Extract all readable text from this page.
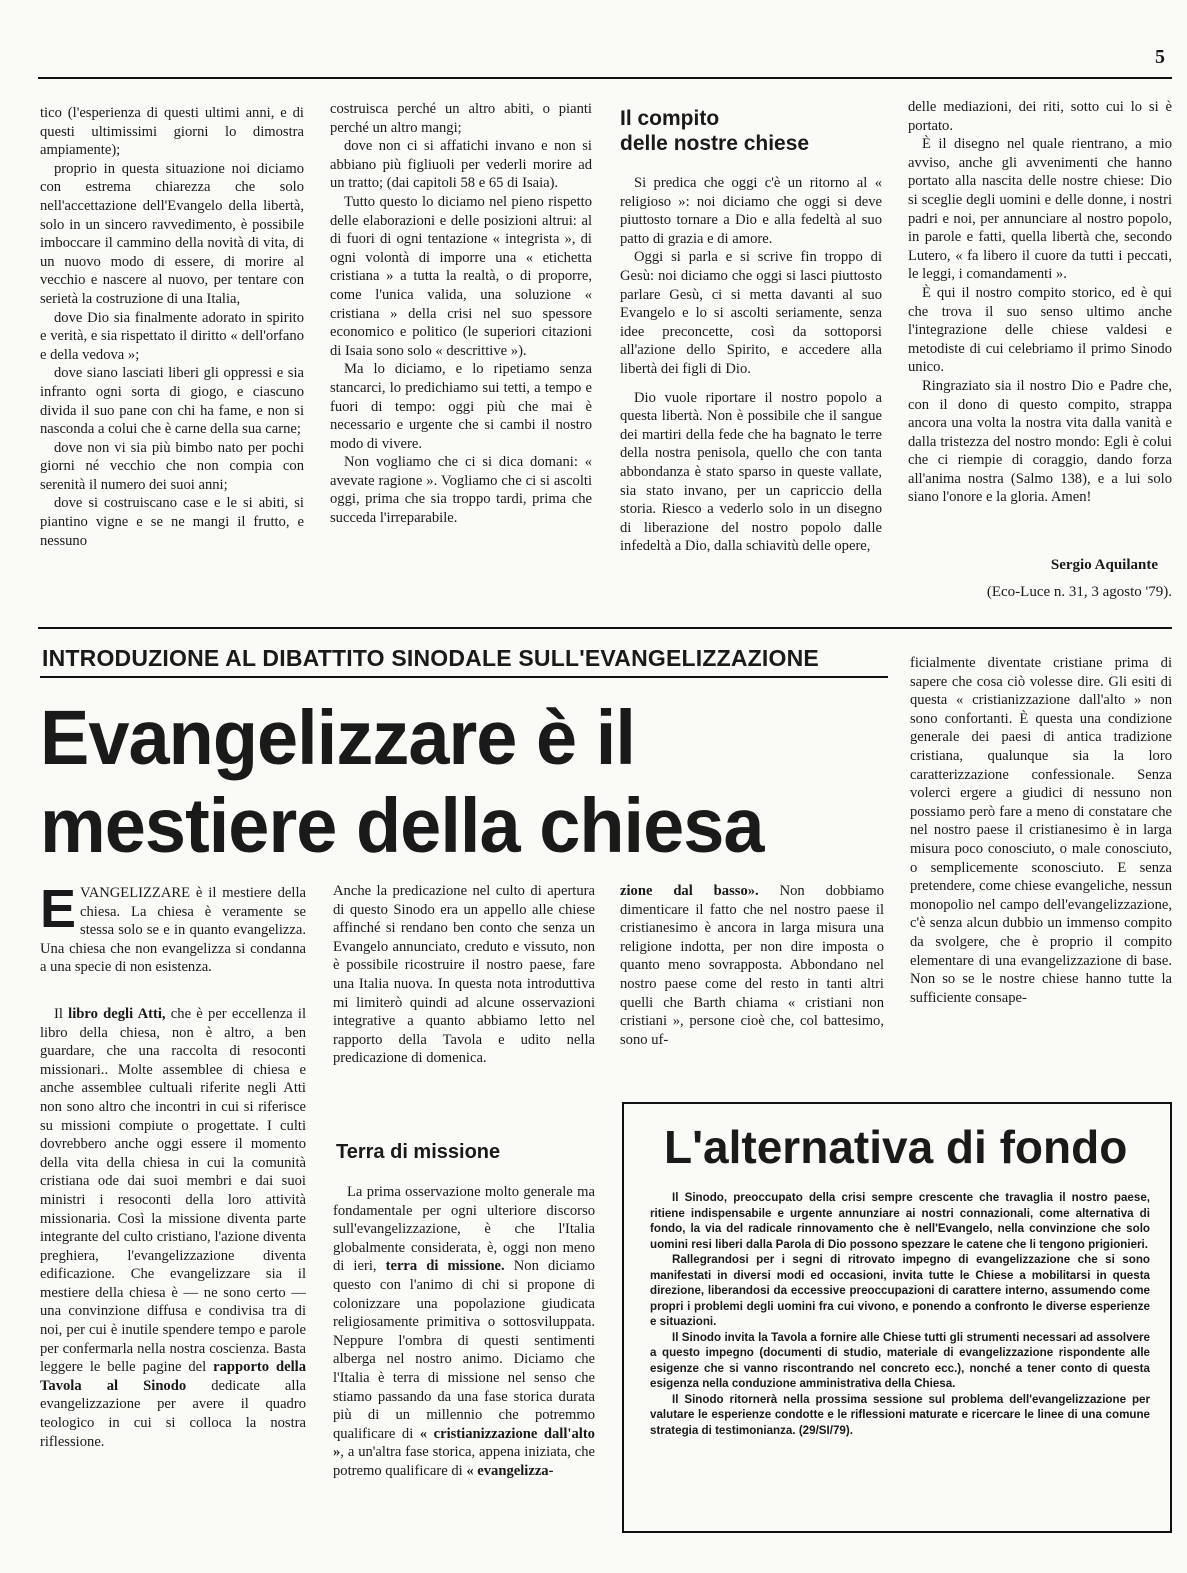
5

tico (l'esperienza di questi ultimi anni, e di questi ultimissimi giorni lo dimostra ampiamente);

proprio in questa situazione noi diciamo con estrema chiarezza che solo nell'accettazione dell'Evangelo della libertà, solo in un sincero ravvedimento, è possibile imboccare il cammino della novità di vita, di un nuovo modo di essere, di morire al vecchio e nascere al nuovo, per tentare con serietà la costruzione di una Italia,

dove Dio sia finalmente adorato in spirito e verità, e sia rispettato il diritto « dell'orfano e della vedova »;

dove siano lasciati liberi gli oppressi e sia infranto ogni sorta di giogo, e ciascuno divida il suo pane con chi ha fame, e non si nasconda a colui che è carne della sua carne;

dove non vi sia più bimbo nato per pochi giorni né vecchio che non compia con serenità il numero dei suoi anni;

dove si costruiscano case e le si abiti, si piantino vigne e se ne mangi il frutto, e nessuno

costruisca perché un altro abiti, o pianti perché un altro mangi;

dove non ci si affatichi invano e non si abbiano più figliuoli per vederli morire ad un tratto; (dai capitoli 58 e 65 di Isaia).

Tutto questo lo diciamo nel pieno rispetto delle elaborazioni e delle posizioni altrui: al di fuori di ogni tentazione « integrista », di ogni volontà di imporre una « etichetta cristiana » a tutta la realtà, o di proporre, come l'unica valida, una soluzione « cristiana » della crisi nel suo spessore economico e politico (le superiori citazioni di Isaia sono solo « descrittive »).

Ma lo diciamo, e lo ripetiamo senza stancarci, lo predichiamo sui tetti, a tempo e fuori di tempo: oggi più che mai è necessario e urgente che si cambi il nostro modo di vivere.

Non vogliamo che ci si dica domani: « avevate ragione ». Vogliamo che ci si ascolti oggi, prima che sia troppo tardi, prima che succeda l'irreparabile.

Il compito
delle nostre chiese

Si predica che oggi c'è un ritorno al « religioso »: noi diciamo che oggi si deve piuttosto tornare a Dio e alla fedeltà al suo patto di grazia e di amore.

Oggi si parla e si scrive fin troppo di Gesù: noi diciamo che oggi si lasci piuttosto parlare Gesù, ci si metta davanti al suo Evangelo e lo si ascolti seriamente, senza idee preconcette, così da sottoporsi all'azione dello Spirito, e accedere alla libertà dei figli di Dio.

Dio vuole riportare il nostro popolo a questa libertà. Non è possibile che il sangue dei martiri della fede che ha bagnato le terre della nostra penisola, quello che con tanta abbondanza è stato sparso in queste vallate, sia stato invano, per un capriccio della storia. Riesco a vederlo solo in un disegno di liberazione del nostro popolo dalle infedeltà a Dio, dalla schiavitù delle opere,

delle mediazioni, dei riti, sotto cui lo si è portato.

È il disegno nel quale rientrano, a mio avviso, anche gli avvenimenti che hanno portato alla nascita delle nostre chiese: Dio si sceglie degli uomini e delle donne, i nostri padri e noi, per annunciare al nostro popolo, in parole e fatti, quella libertà che, secondo Lutero, « fa libero il cuore da tutti i peccati, le leggi, i comandamenti ».

È qui il nostro compito storico, ed è qui che trova il suo senso ultimo anche l'integrazione delle chiese valdesi e metodiste di cui celebriamo il primo Sinodo unico.

Ringraziato sia il nostro Dio e Padre che, con il dono di questo compito, strappa ancora una volta la nostra vita dalla vanità e dalla tristezza del nostro mondo: Egli è colui che ci riempie di coraggio, dando forza all'anima nostra (Salmo 138), e a lui solo siano l'onore e la gloria. Amen!

Sergio Aquilante
(Eco-Luce n. 31, 3 agosto '79).
INTRODUZIONE AL DIBATTITO SINODALE SULL'EVANGELIZZAZIONE
Evangelizzare è il
mestiere della chiesa

EVANGELIZZARE è il mestiere della chiesa. La chiesa è veramente se stessa solo se e in quanto evangelizza. Una chiesa che non evangelizza si condanna a una specie di non esistenza.

Il libro degli Atti, che è per eccellenza il libro della chiesa, non è altro, a ben guardare, che una raccolta di resoconti missionari.. Molte assemblee di chiesa e anche assemblee cultuali riferite negli Atti non sono altro che incontri in cui si riferisce su missioni compiute o progettate. I culti dovrebbero anche oggi essere il momento della vita della chiesa in cui la comunità cristiana ode dai suoi membri e dai suoi ministri i resoconti della loro attività missionaria. Così la missione diventa parte integrante del culto cristiano, l'azione diventa preghiera, l'evangelizzazione diventa edificazione. Che evangelizzare sia il mestiere della chiesa è — ne sono certo — una convinzione diffusa e condivisa tra di noi, per cui è inutile spendere tempo e parole per confermarla nella nostra coscienza. Basta leggere le belle pagine del rapporto della Tavola al Sinodo dedicate alla evangelizzazione per avere il quadro teologico in cui si colloca la nostra riflessione.

Anche la predicazione nel culto di apertura di questo Sinodo era un appello alle chiese affinché si rendano ben conto che senza un Evangelo annunciato, creduto e vissuto, non è possibile ricostruire il nostro paese, fare una Italia nuova. In questa nota introduttiva mi limiterò quindi ad alcune osservazioni integrative a quanto abbiamo letto nel rapporto della Tavola e udito nella predicazione di domenica.

Terra di missione

La prima osservazione molto generale ma fondamentale per ogni ulteriore discorso sull'evangelizzazione, è che l'Italia globalmente considerata, è, oggi non meno di ieri, terra di missione. Non diciamo questo con l'animo di chi si propone di colonizzare una popolazione giudicata religiosamente primitiva o sottosviluppata. Neppure l'ombra di questi sentimenti alberga nel nostro animo. Diciamo che l'Italia è terra di missione nel senso che stiamo passando da una fase storica durata più di un millennio che potremmo qualificare di « cristianizzazione dall'alto », a un'altra fase storica, appena iniziata, che potremo qualificare di « evangelizza-

zione dal basso». Non dobbiamo dimenticare il fatto che nel nostro paese il cristianesimo è ancora in larga misura una religione indotta, per non dire imposta o quanto meno sovrapposta. Abbondano nel nostro paese come del resto in tanti altri quelli che Barth chiama « cristiani non cristiani », persone cioè che, col battesimo, sono uf-

ficialmente diventate cristiane prima di sapere che cosa ciò volesse dire. Gli esiti di questa « cristianizzazione dall'alto » non sono confortanti. È questa una condizione generale dei paesi di antica tradizione cristiana, qualunque sia la loro caratterizzazione confessionale. Senza volerci ergere a giudici di nessuno non possiamo però fare a meno di constatare che nel nostro paese il cristianesimo è in larga misura poco conosciuto, o male conosciuto, o semplicemente sconosciuto. E senza pretendere, come chiese evangeliche, nessun monopolio nel campo dell'evangelizzazione, c'è senza alcun dubbio un immenso compito da svolgere, che è proprio il compito elementare di una evangelizzazione di base. Non so se le nostre chiese hanno tutte la sufficiente consape-

L'alternativa di fondo

Il Sinodo, preoccupato della crisi sempre crescente che travaglia il nostro paese, ritiene indispensabile e urgente annunziare ai nostri connazionali, come alternativa di fondo, la via del radicale rinnovamento che è nell'Evangelo, nella convinzione che solo uomini resi liberi dalla Parola di Dio possono spezzare le catene che li tengono prigionieri.

Rallegrandosi per i segni di ritrovato impegno di evangelizzazione che si sono manifestati in diversi modi ed occasioni, invita tutte le Chiese a mobilitarsi in questa direzione, liberandosi da eccessive preoccupazioni di carattere interno, assumendo come propri i problemi degli uomini fra cui vivono, e ponendo a confronto le diverse esperienze e situazioni.

Il Sinodo invita la Tavola a fornire alle Chiese tutti gli strumenti necessari ad assolvere a questo impegno (documenti di studio, materiale di evangelizzazione rispondente alle esigenze che si vanno riscontrando nel concreto ecc.), nonché a tener conto di questa esigenza nella conduzione amministrativa della Chiesa.

Il Sinodo ritornerà nella prossima sessione sul problema dell'evangelizzazione per valutare le esperienze condotte e le riflessioni maturate e ricercare le linee di una comune strategia di testimonianza. (29/SI/79).
